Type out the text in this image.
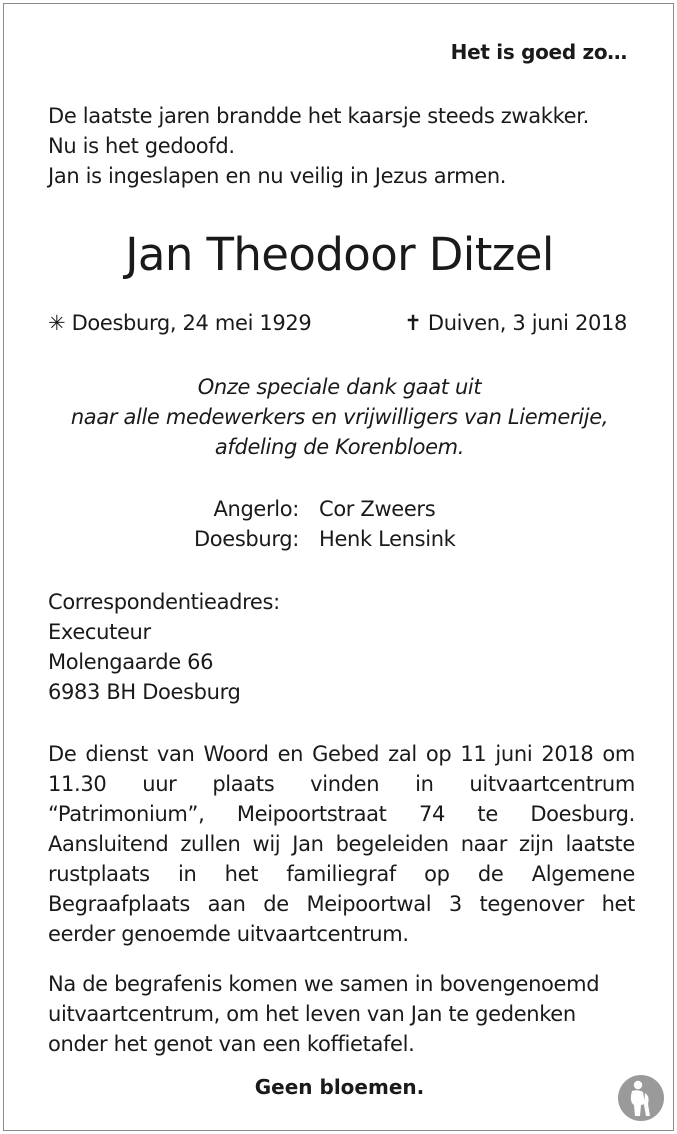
Het is goed zo…
De laatste jaren brandde het kaarsje steeds zwakker.
Nu is het gedoofd.
Jan is ingeslapen en nu veilig in Jezus armen.
Jan Theodoor Ditzel
✳ Doesburg, 24 mei 1929	✝ Duiven, 3 juni 2018
Onze speciale dank gaat uit
naar alle medewerkers en vrijwilligers van Liemerije,
afdeling de Korenbloem.
Angerlo:
Doesburg:
Cor Zweers
Henk Lensink
Correspondentieadres:
Executeur
Molengaarde 66
6983 BH Doesburg
De dienst van Woord en Gebed zal op 11 juni 2018 om 11.30 uur plaats vinden in uitvaartcentrum “Patrimonium”, Meipoortstraat 74 te Doesburg. Aansluitend zullen wij Jan begeleiden naar zijn laatste rustplaats in het familiegraf op de Algemene Begraafplaats aan de Meipoortwal 3 tegenover het eerder genoemde uitvaartcentrum.
Na de begrafenis komen we samen in bovengenoemd uitvaartcentrum, om het leven van Jan te gedenken onder het genot van een koffietafel.
Geen bloemen.
